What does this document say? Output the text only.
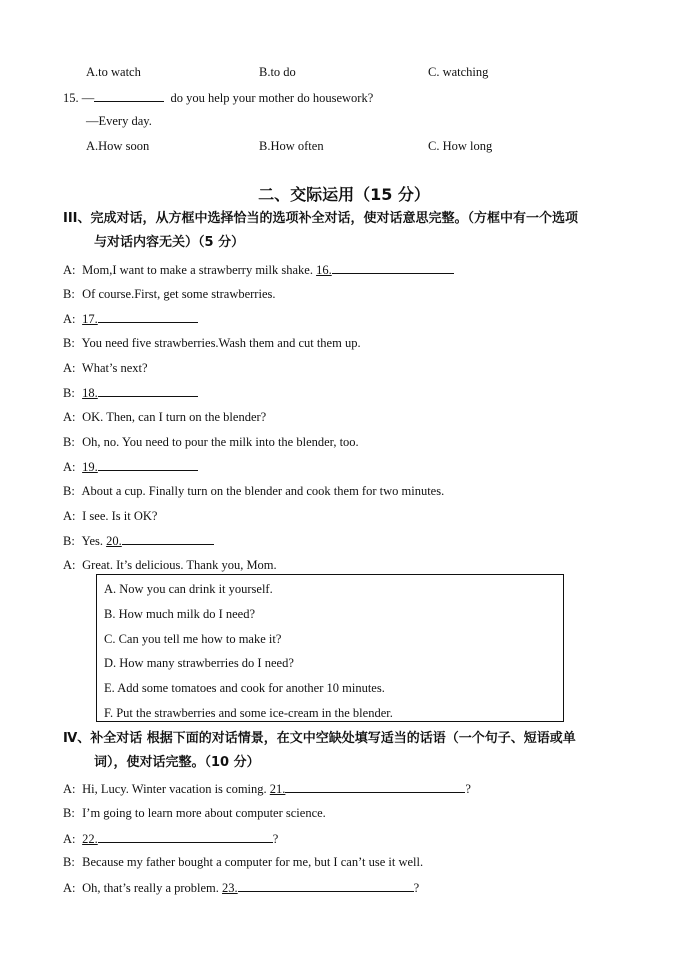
A.to watch	B.to do	C. watching
15. —	do you help your mother do housework?
—Every day.
A.How soon	B.How often	C. How long
二、交际运用（15 分）
III、完成对话，从方框中选择恰当的选项补全对话，使对话意思完整。（方框中有一个选项
与对话内容无关）（5 分）
A: Mom,I want to make a strawberry milk shake. 16.
B: Of course.First, get some strawberries.
A: 17.
B: You need five strawberries.Wash them and cut them up.
A: What’s next?
B: 18.
A: OK. Then, can I turn on the blender?
B: Oh, no. You need to pour the milk into the blender, too.
A: 19.
B: About a cup. Finally turn on the blender and cook them for two minutes.
A: I see. Is it OK?
B: Yes. 20.
A: Great. It’s delicious. Thank you, Mom.
A. Now you can drink it yourself.
B. How much milk do I need?
C. Can you tell me how to make it?
D. How many strawberries do I need?
E. Add some tomatoes and cook for another 10 minutes.
F. Put the strawberries and some ice-cream in the blender.
Ⅳ、补全对话 根据下面的对话情景，在文中空缺处填写适当的话语（一个句子、短语或单
词），使对话完整。（10 分）
A: Hi, Lucy. Winter vacation is coming. 21.	?
B: I’m going to learn more about computer science.
A: 22.	?
B: Because my father bought a computer for me, but I can’t use it well.
A: Oh, that’s really a problem. 23.	?
